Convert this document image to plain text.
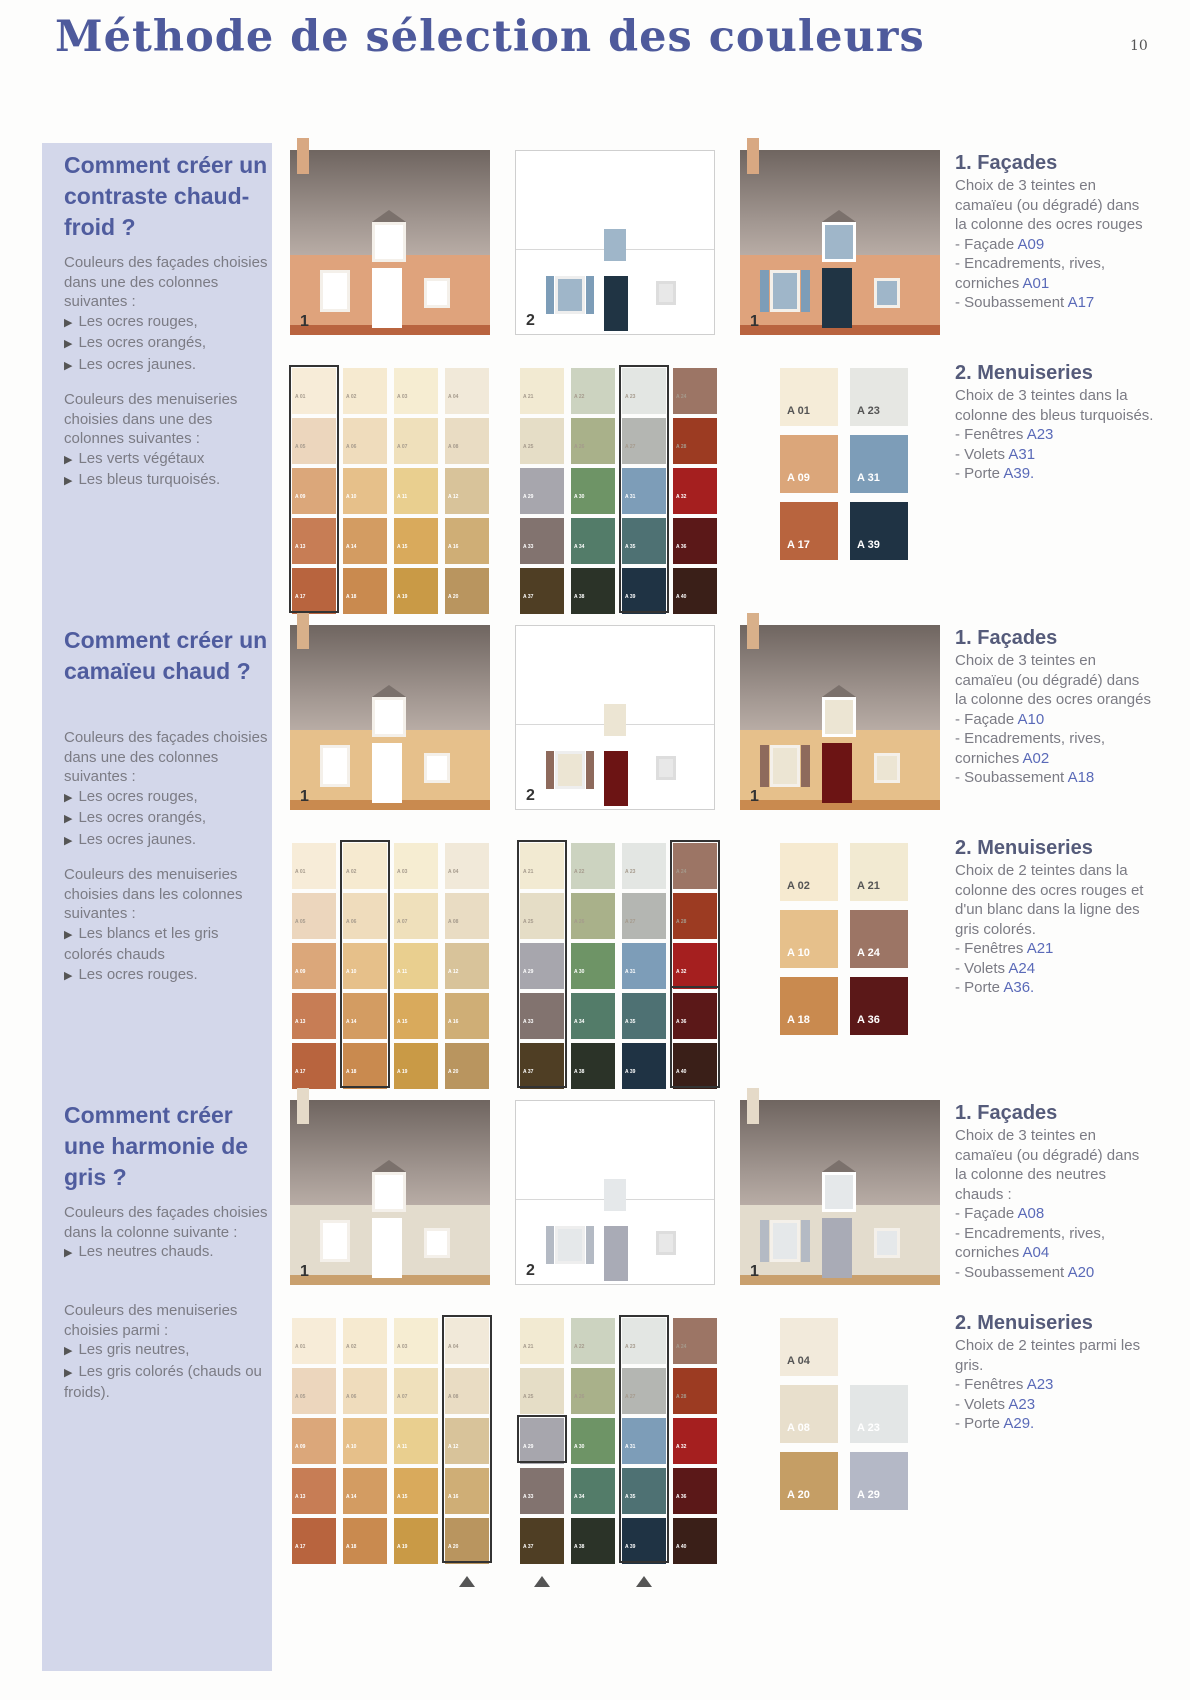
Méthode de sélection des couleurs	10
Comment créer un contraste chaud-froid ?
Couleurs des façades choisies dans une des colonnes suivantes :
▶ Les ocres rouges,
▶ Les ocres orangés,
▶ Les ocres jaunes.
Couleurs des menuiseries choisies dans une des colonnes suivantes :
▶ Les verts végétaux
▶ Les bleus turquoisés.
1	2	1
A 01	A 02	A 03	A 04
A 05	A 06	A 07	A 08
A 09	A 10	A 11	A 12
A 13	A 14	A 15	A 16
A 17	A 18	A 19	A 20
A 21	A 22	A 23	A 24
A 25	A 26	A 27	A 28
A 29	A 30	A 31	A 32
A 33	A 34	A 35	A 36
A 37	A 38	A 39	A 40
A 01	A 23
A 09	A 31
A 17	A 39
1. Façades
Choix de 3 teintes en camaïeu (ou dégradé) dans la colonne des ocres rouges
- Façade A09
- Encadrements, rives, corniches A01
- Soubassement A17
2. Menuiseries
Choix de 3 teintes dans la colonne des bleus turquoisés.
- Fenêtres A23
- Volets A31
- Porte A39.
Comment créer un camaïeu chaud ?
Couleurs des façades choisies dans une des colonnes suivantes :
▶ Les ocres rouges,
▶ Les ocres orangés,
▶ Les ocres jaunes.
Couleurs des menuiseries choisies dans les colonnes suivantes :
▶ Les blancs et les gris colorés chauds
▶ Les ocres rouges.
1	2	1
A 01	A 02	A 03	A 04
A 05	A 06	A 07	A 08
A 09	A 10	A 11	A 12
A 13	A 14	A 15	A 16
A 17	A 18	A 19	A 20
A 21	A 22	A 23	A 24
A 25	A 26	A 27	A 28
A 29	A 30	A 31	A 32
A 33	A 34	A 35	A 36
A 37	A 38	A 39	A 40
A 02	A 21
A 10	A 24
A 18	A 36
1. Façades
Choix de 3 teintes en camaïeu (ou dégradé) dans la colonne des ocres orangés
- Façade A10
- Encadrements, rives, corniches A02
- Soubassement A18
2. Menuiseries
Choix de 2 teintes dans la colonne des ocres rouges et d'un blanc dans la ligne des gris colorés.
- Fenêtres A21
- Volets A24
- Porte A36.
Comment créer une harmonie de gris ?
Couleurs des façades choisies dans la colonne suivante :
▶ Les neutres chauds.
Couleurs des menuiseries choisies parmi :
▶ Les gris neutres,
▶ Les gris colorés (chauds ou froids).
1	2	1
A 01	A 02	A 03	A 04
A 05	A 06	A 07	A 08
A 09	A 10	A 11	A 12
A 13	A 14	A 15	A 16
A 17	A 18	A 19	A 20
A 21	A 22	A 23	A 24
A 25	A 26	A 27	A 28
A 29	A 30	A 31	A 32
A 33	A 34	A 35	A 36
A 37	A 38	A 39	A 40
A 04
A 08	A 23
A 20	A 29
1. Façades
Choix de 3 teintes en camaïeu (ou dégradé) dans la colonne des neutres chauds :
- Façade A08
- Encadrements, rives, corniches A04
- Soubassement A20
2. Menuiseries
Choix de 2 teintes parmi les gris.
- Fenêtres A23
- Volets A23
- Porte A29.
